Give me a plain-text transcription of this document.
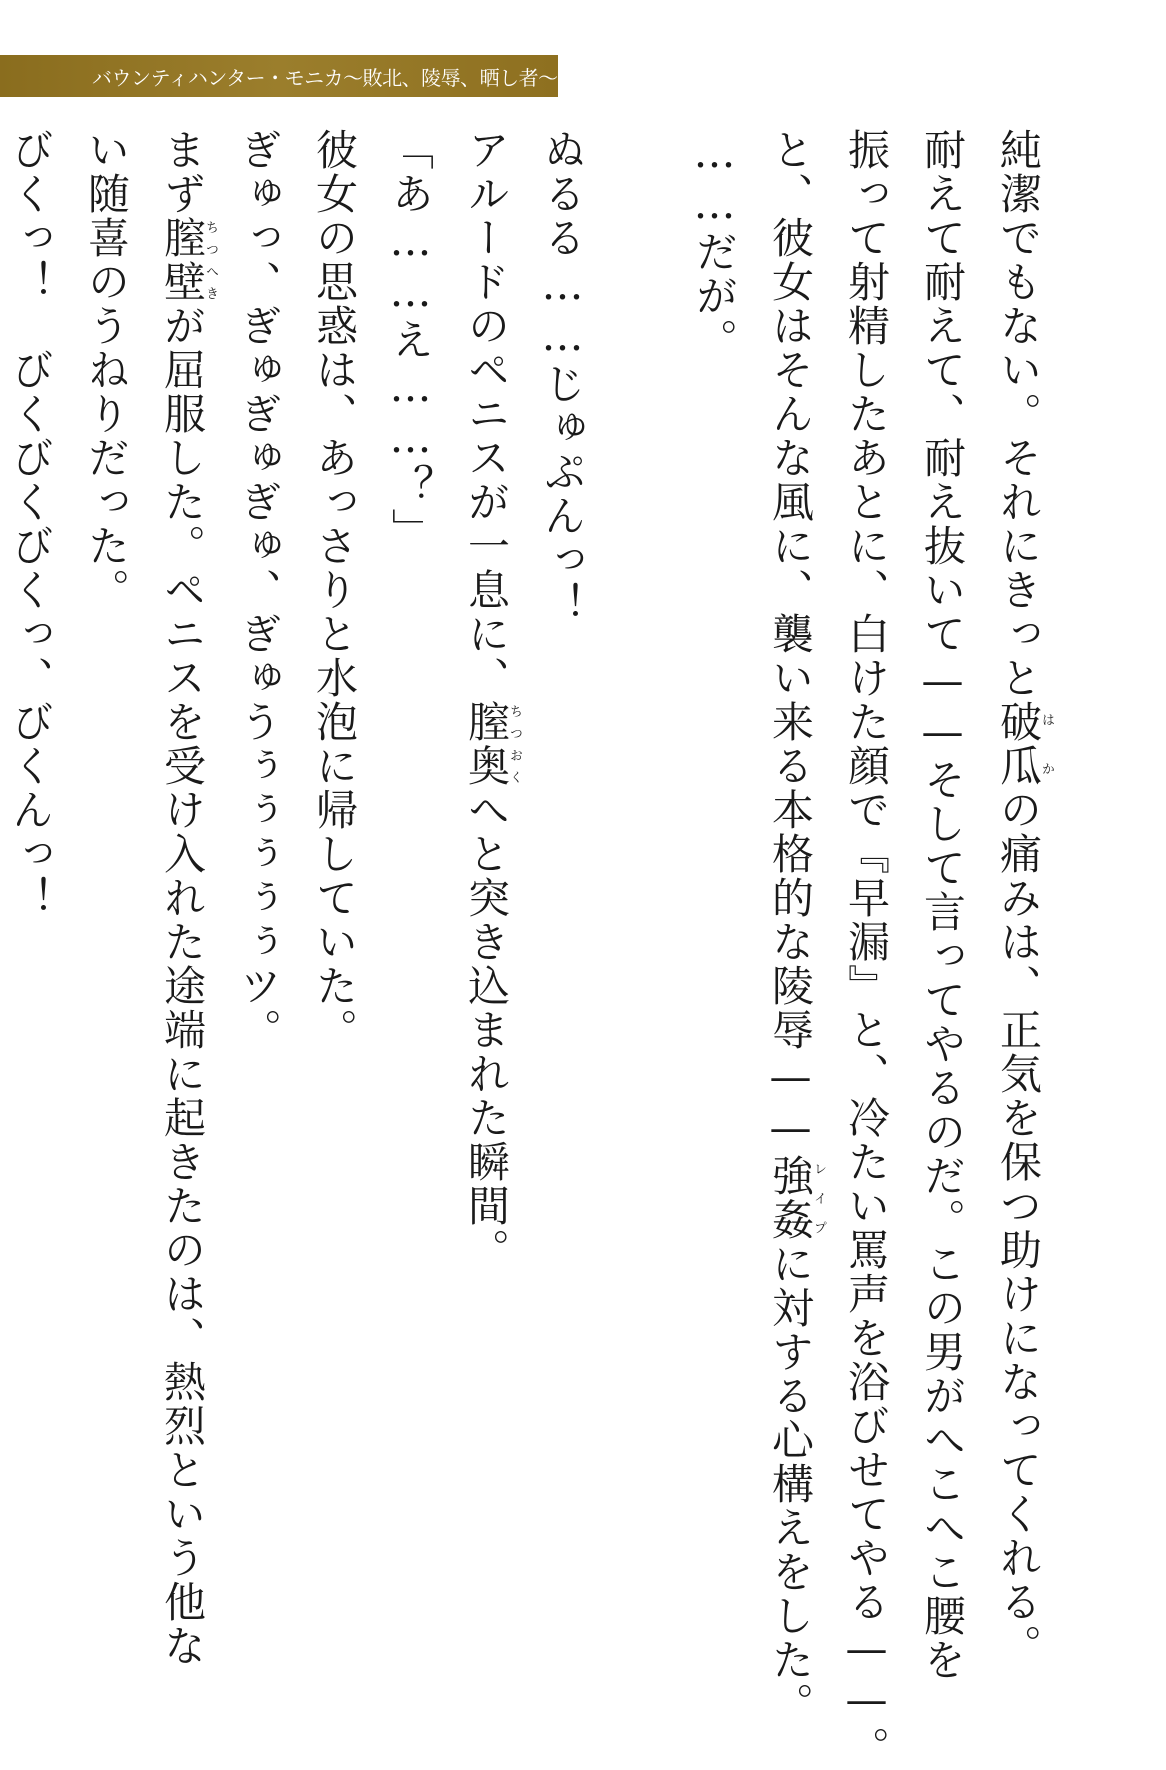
バウンティハンター・モニカ〜敗北、陵辱、晒し者〜
純潔でもない。それにきっと破瓜はかの痛みは、正気を保つ助けになってくれる。
耐えて耐えて、耐え抜いて——そして言ってやるのだ。この男がへこへこ腰を
振って射精したあとに、白けた顔で『早漏』と、冷たい罵声を浴びせてやる——。
と、彼女はそんな風に、襲い来る本格的な陵辱——強姦レイプに対する心構えをした。
……だが。
ぬるる……じゅぷんっ！
アルードのペニスが一息に、膣奥ちつおくへと突き込まれた瞬間。
「あ……え……？」
彼女の思惑は、あっさりと水泡に帰していた。
ぎゅっ、ぎゅぎゅぎゅ、ぎゅうぅぅぅぅぅツ。
まず膣壁ちつへきが屈服した。ペニスを受け入れた途端に起きたのは、熱烈という他な
い随喜のうねりだった。
びくっ！　びくびくびくっ、びくんっ！
